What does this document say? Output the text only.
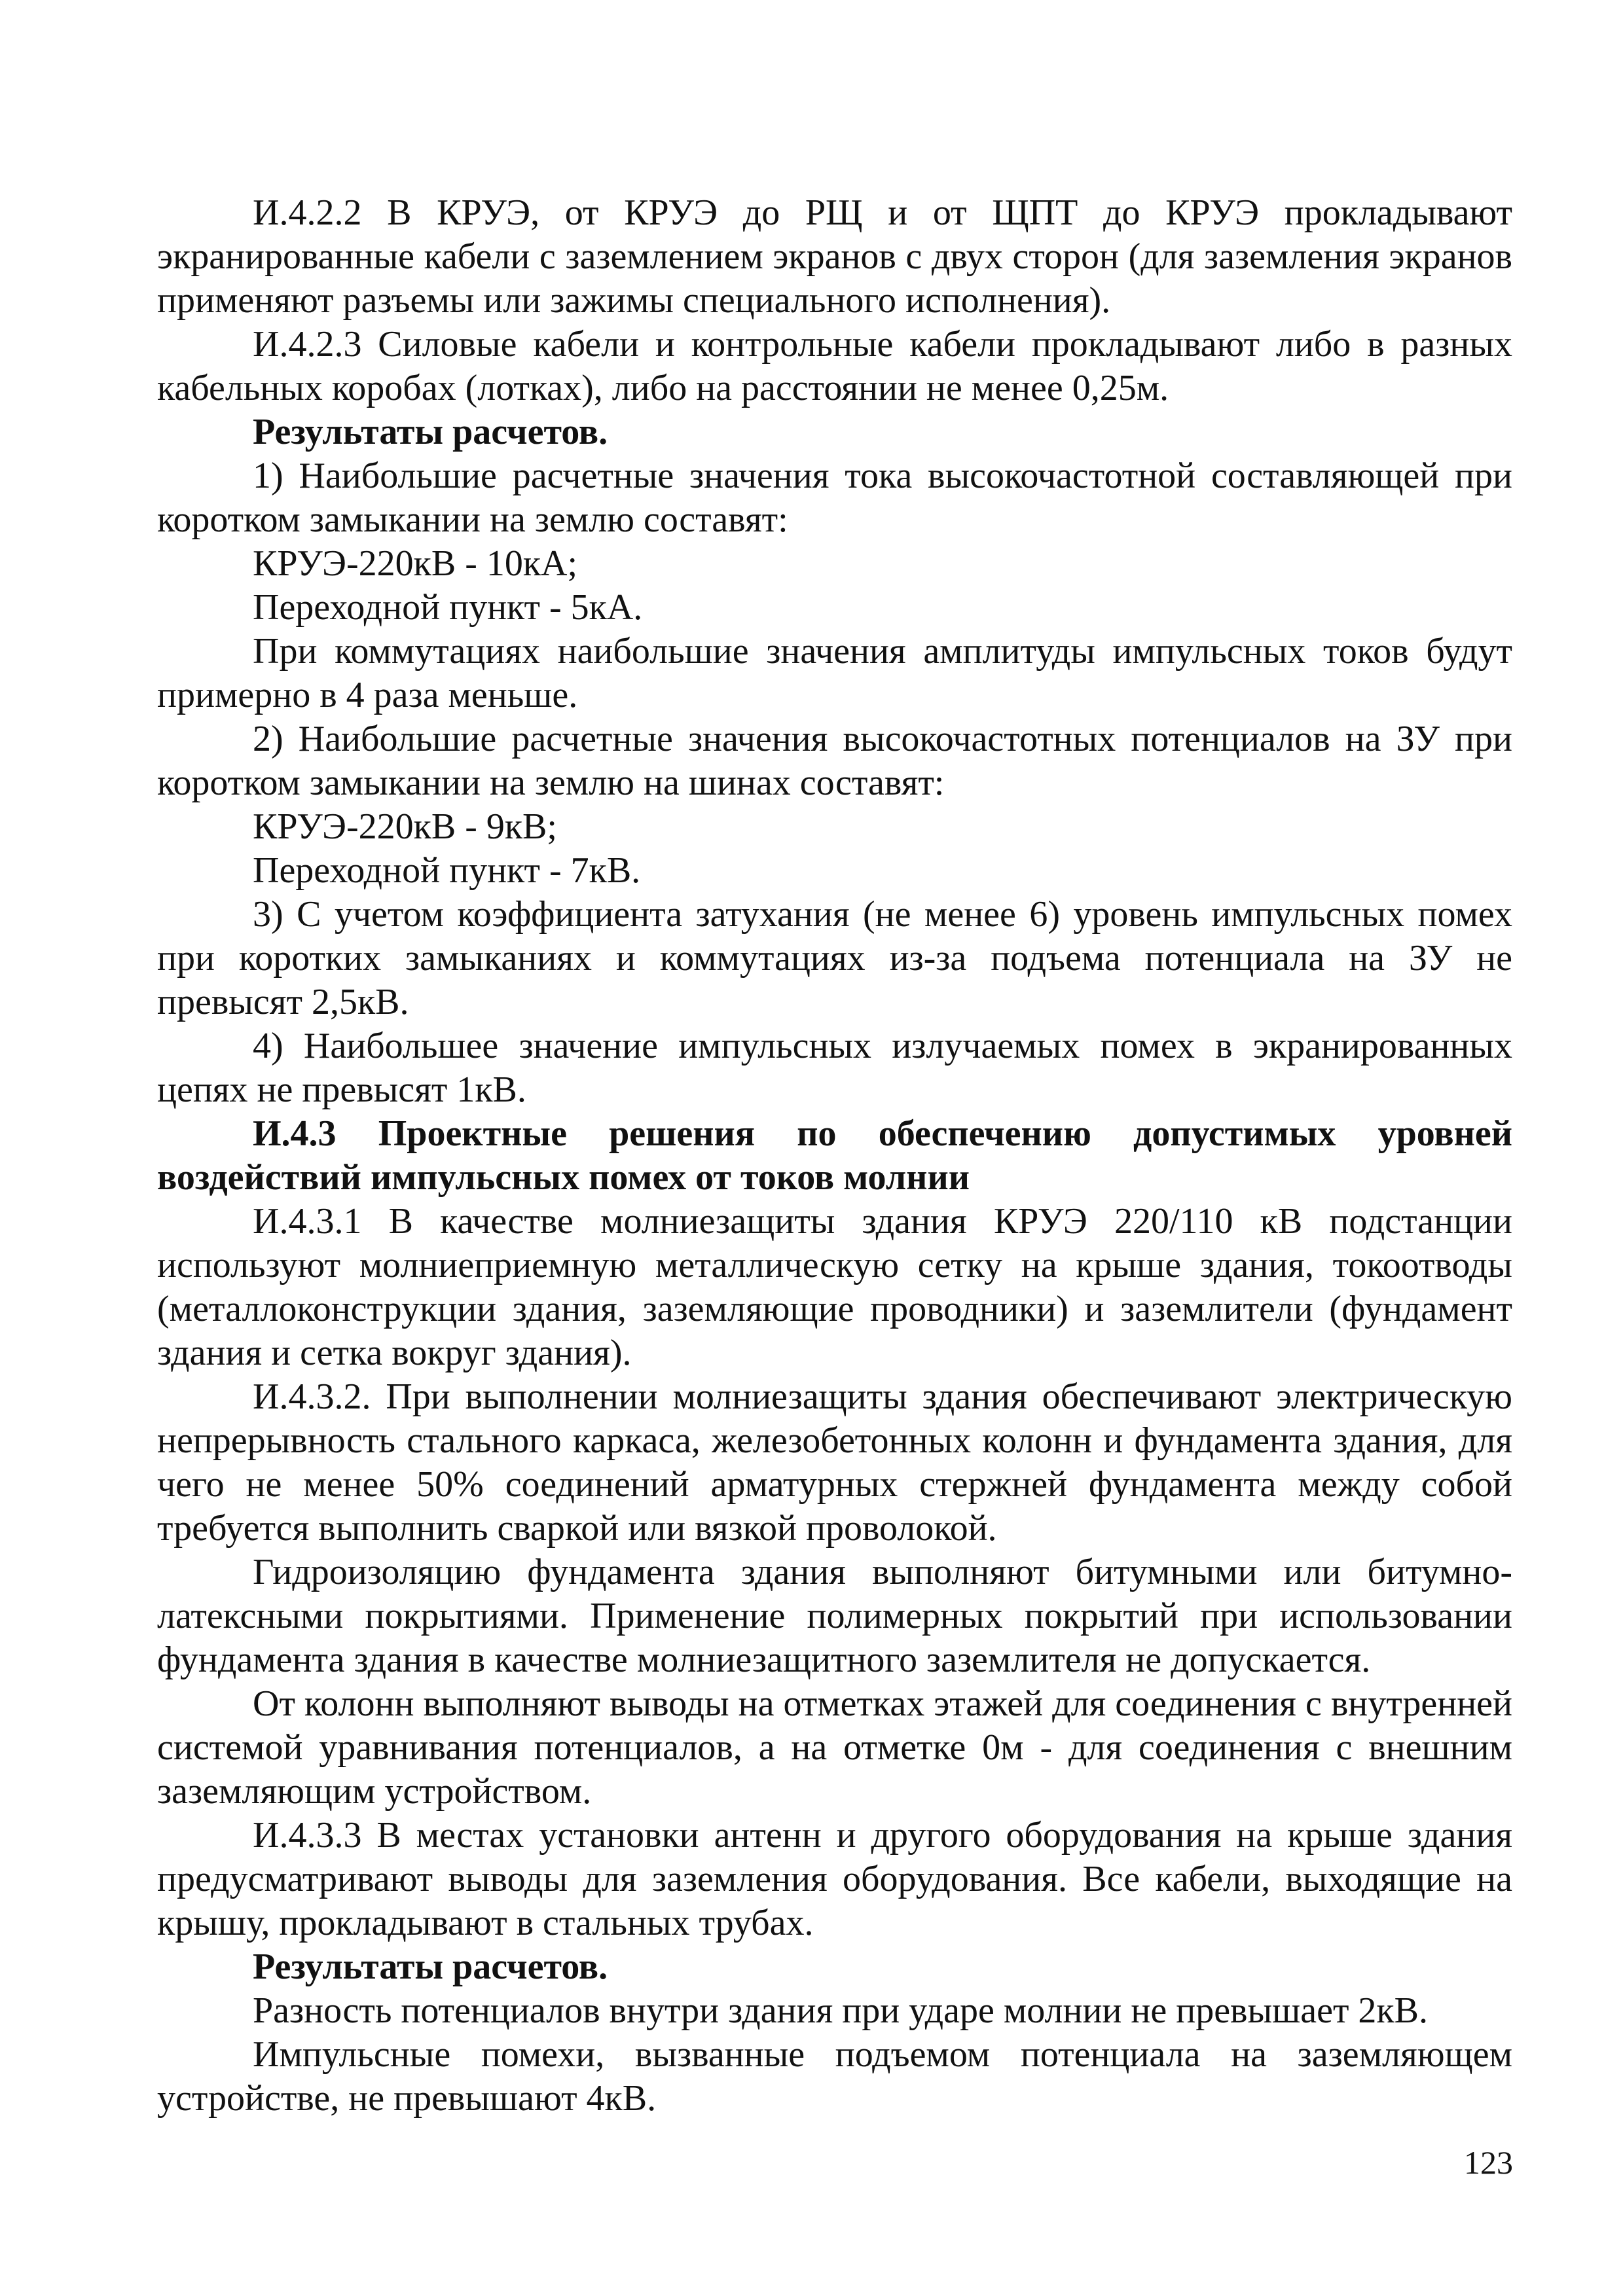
И.4.2.2 В КРУЭ, от КРУЭ до РЩ и от ЩПТ до КРУЭ прокладывают экранированные кабели с заземлением экранов с двух сторон (для заземления экранов применяют разъемы или зажимы специального исполнения).

И.4.2.3 Силовые кабели и контрольные кабели прокладывают либо в разных кабельных коробах (лотках), либо на расстоянии не менее 0,25м.

Результаты расчетов.

1) Наибольшие расчетные значения тока высокочастотной составляющей при коротком замыкании на землю составят:

КРУЭ-220кВ - 10кА;

Переходной пункт - 5кА.

При коммутациях наибольшие значения амплитуды импульсных токов будут примерно в 4 раза меньше.

2) Наибольшие расчетные значения высокочастотных потенциалов на ЗУ при коротком замыкании на землю на шинах составят:

КРУЭ-220кВ - 9кВ;

Переходной пункт - 7кВ.

3) С учетом коэффициента затухания (не менее 6) уровень импульсных помех при коротких замыканиях и коммутациях из-за подъема потенциала на ЗУ не превысят 2,5кВ.

4) Наибольшее значение импульсных излучаемых помех в экранированных цепях не превысят 1кВ.

И.4.3 Проектные решения по обеспечению допустимых уровней воздействий импульсных помех от токов молнии

И.4.3.1 В качестве молниезащиты здания КРУЭ 220/110 кВ подстанции используют молниеприемную металлическую сетку на крыше здания, токоотводы (металлоконструкции здания, заземляющие проводники) и заземлители (фундамент здания и сетка вокруг здания).

И.4.3.2. При выполнении молниезащиты здания обеспечивают электрическую непрерывность стального каркаса, железобетонных колонн и фундамента здания, для чего не менее 50% соединений арматурных стержней фундамента между собой требуется выполнить сваркой или вязкой проволокой.

Гидроизоляцию фундамента здания выполняют битумными или битумно-латексными покрытиями. Применение полимерных покрытий при использовании фундамента здания в качестве молниезащитного заземлителя не допускается.

От колонн выполняют выводы на отметках этажей для соединения с внутренней системой уравнивания потенциалов, а на отметке 0м - для соединения с внешним заземляющим устройством.

И.4.3.3 В местах установки антенн и другого оборудования на крыше здания предусматривают выводы для заземления оборудования. Все кабели, выходящие на крышу, прокладывают в стальных трубах.

Результаты расчетов.

Разность потенциалов внутри здания при ударе молнии не превышает 2кВ.

Импульсные помехи, вызванные подъемом потенциала на заземляющем устройстве, не превышают 4кВ.

123
